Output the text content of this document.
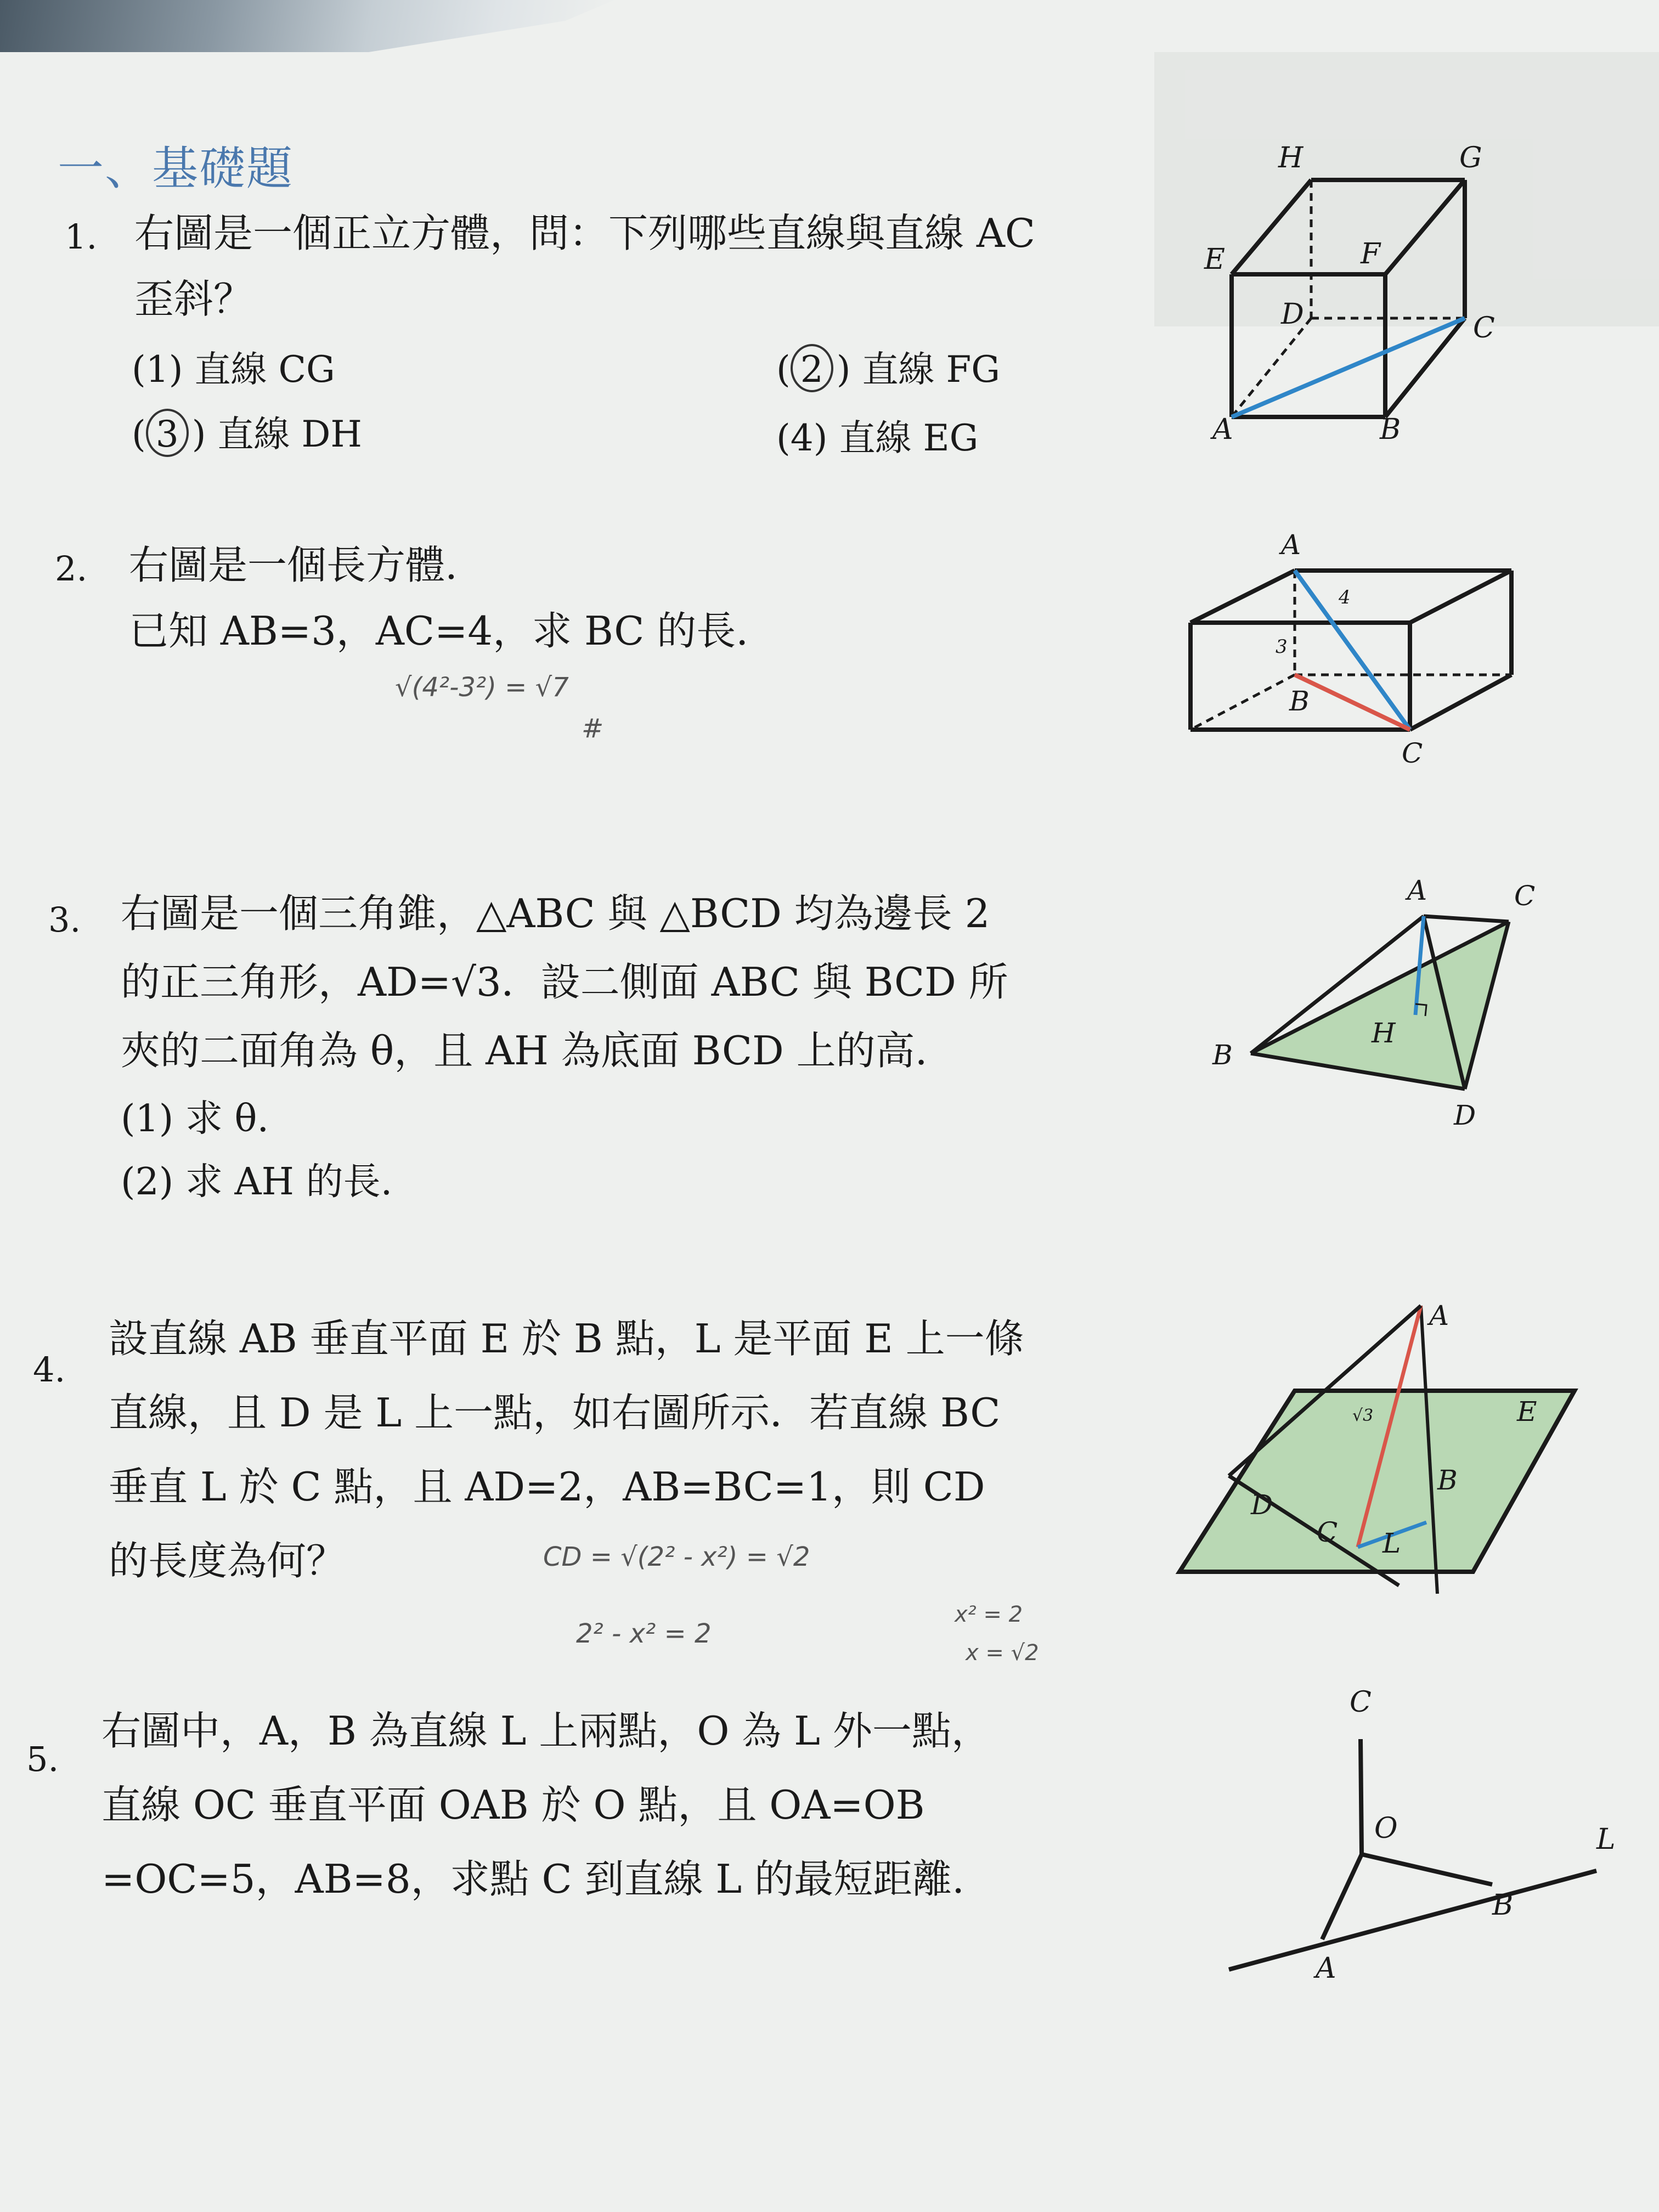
一、基礎題
1. 右圖是一個正立方體，問：下列哪些直線與直線 AC
歪斜？
(1) 直線 CG	( 2 ) 直線 FG
( 3 ) 直線 DH	(4) 直線 EG
H	G
E	F
D	C
A	B
2. 右圖是一個長方體.
已知 AB=3，AC=4，求 BC 的長.
√(4²-3²) = √7
#
A
B
C
4
3
3. 右圖是一個三角錐，△ABC 與 △BCD 均為邊長 2
的正三角形，AD=√3．設二側面 ABC 與 BCD 所
夾的二面角為 θ，且 AH 為底面 BCD 上的高.
(1) 求 θ.
(2) 求 AH 的長.
A	C
B
H
D
4.
設直線 AB 垂直平面 E 於 B 點，L 是平面 E 上一條
直線，且 D 是 L 上一點，如右圖所示．若直線 BC
垂直 L 於 C 點，且 AD=2，AB=BC=1，則 CD
的長度為何？	CD = √(2² - x²) = √2
2² - x² = 2
x² = 2
x = √2
A
E
B
D
C L
√3
5.
右圖中，A，B 為直線 L 上兩點，O 為 L 外一點，
直線 OC 垂直平面 OAB 於 O 點，且 OA=OB
=OC=5，AB=8，求點 C 到直線 L 的最短距離.
C
O	L
B
A
